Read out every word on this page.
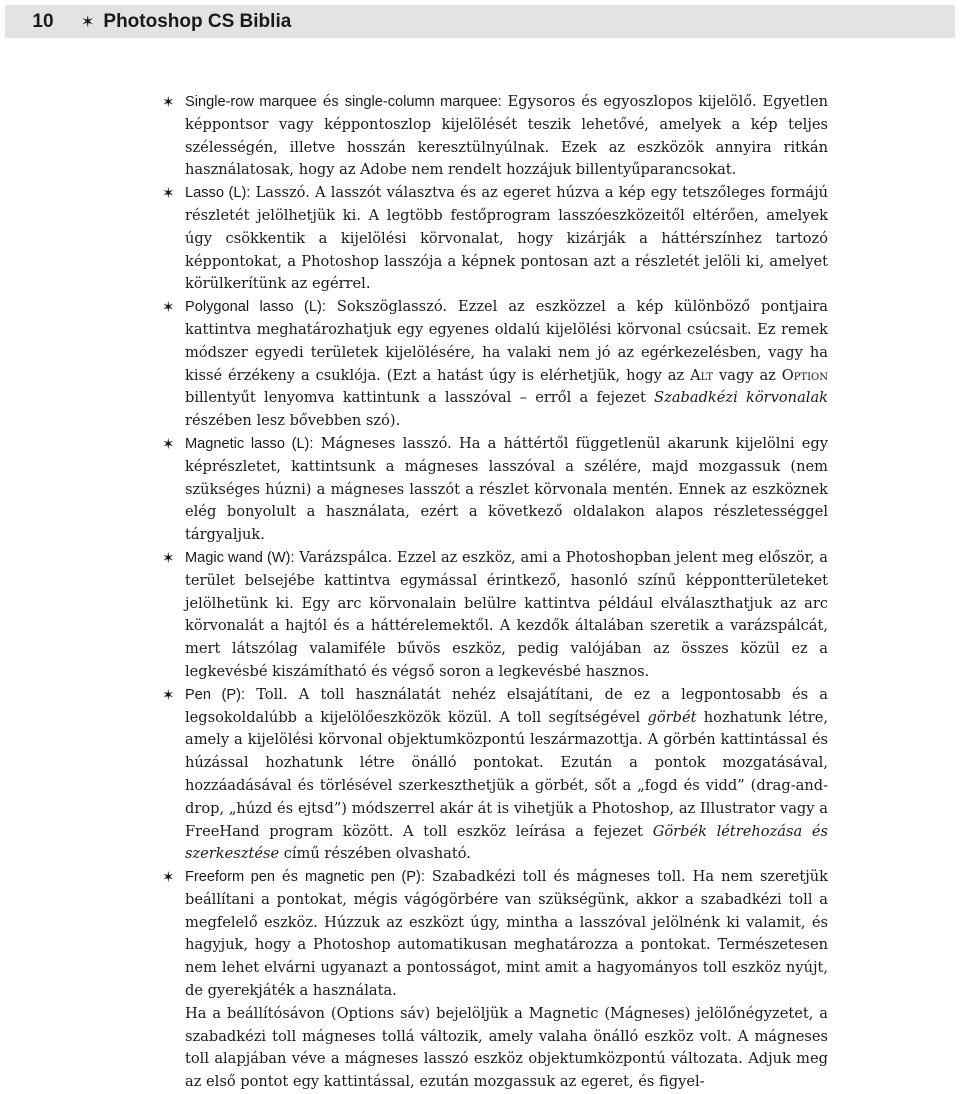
10	✶ Photoshop CS Biblia

✶ Single-row marquee és single-column marquee: Egysoros és egyoszlopos kijelölő. Egyetlen képpontsor vagy képpontoszlop kijelölését teszik lehetővé, amelyek a kép teljes szélességén, illetve hosszán keresztülnyúlnak. Ezek az eszközök annyira ritkán használatosak, hogy az Adobe nem rendelt hozzájuk billentyűparancsokat.

✶ Lasso (L): Lasszó. A lasszót választva és az egeret húzva a kép egy tetszőleges formájú részletét jelölhetjük ki. A legtöbb festőprogram lasszóeszközeitől eltérően, amelyek úgy csökkentik a kijelölési körvonalat, hogy kizárják a háttérszínhez tartozó képpontokat, a Photoshop lasszója a képnek pontosan azt a részletét jelöli ki, amelyet körülkerítünk az egérrel.

✶ Polygonal lasso (L): Sokszöglasszó. Ezzel az eszközzel a kép különböző pontjaira kattintva meghatározhatjuk egy egyenes oldalú kijelölési körvonal csúcsait. Ez remek módszer egyedi területek kijelölésére, ha valaki nem jó az egérkezelésben, vagy ha kissé érzékeny a csuklója. (Ezt a hatást úgy is elérhetjük, hogy az Alt vagy az Option billentyűt lenyomva kattintunk a lasszóval – erről a fejezet Szabadkézi körvonalak részében lesz bővebben szó).

✶ Magnetic lasso (L): Mágneses lasszó. Ha a háttértől függetlenül akarunk kijelölni egy képrészletet, kattintsunk a mágneses lasszóval a szélére, majd mozgassuk (nem szükséges húzni) a mágneses lasszót a részlet körvonala mentén. Ennek az eszköznek elég bonyolult a használata, ezért a következő oldalakon alapos részletességgel tárgyaljuk.

✶ Magic wand (W): Varázspálca. Ezzel az eszköz, ami a Photoshopban jelent meg először, a terület belsejébe kattintva egymással érintkező, hasonló színű képpontterületeket jelölhetünk ki. Egy arc körvonalain belülre kattintva például elválaszthatjuk az arc körvonalát a hajtól és a háttérelemektől. A kezdők általában szeretik a varázspálcát, mert látszólag valamiféle bűvös eszköz, pedig valójában az összes közül ez a legkevésbé kiszámítható és végső soron a legkevésbé hasznos.

✶ Pen (P): Toll. A toll használatát nehéz elsajátítani, de ez a legpontosabb és a legsokoldalúbb a kijelölőeszközök közül. A toll segítségével görbét hozhatunk létre, amely a kijelölési körvonal objektumközpontú leszármazottja. A görbén kattintással és húzással hozhatunk létre önálló pontokat. Ezután a pontok mozgatásával, hozzáadásával és törlésével szerkeszthetjük a görbét, sőt a „fogd és vidd” (drag-and-drop, „húzd és ejtsd”) módszerrel akár át is vihetjük a Photoshop, az Illustrator vagy a FreeHand program között. A toll eszköz leírása a fejezet Görbék létrehozása és szerkesztése című részében olvasható.

✶ Freeform pen és magnetic pen (P): Szabadkézi toll és mágneses toll. Ha nem szeretjük beállítani a pontokat, mégis vágógörbére van szükségünk, akkor a szabadkézi toll a megfelelő eszköz. Húzzuk az eszközt úgy, mintha a lasszóval jelölnénk ki valamit, és hagyjuk, hogy a Photoshop automatikusan meghatározza a pontokat. Természetesen nem lehet elvárni ugyanazt a pontosságot, mint amit a hagyományos toll eszköz nyújt, de gyerekjáték a használata.

Ha a beállítósávon (Options sáv) bejelöljük a Magnetic (Mágneses) jelölőnégyzetet, a szabadkézi toll mágneses tollá változik, amely valaha önálló eszköz volt. A mágneses toll alapjában véve a mágneses lasszó eszköz objektumközpontú változata. Adjuk meg az első pontot egy kattintással, ezután mozgassuk az egeret, és figyel-
